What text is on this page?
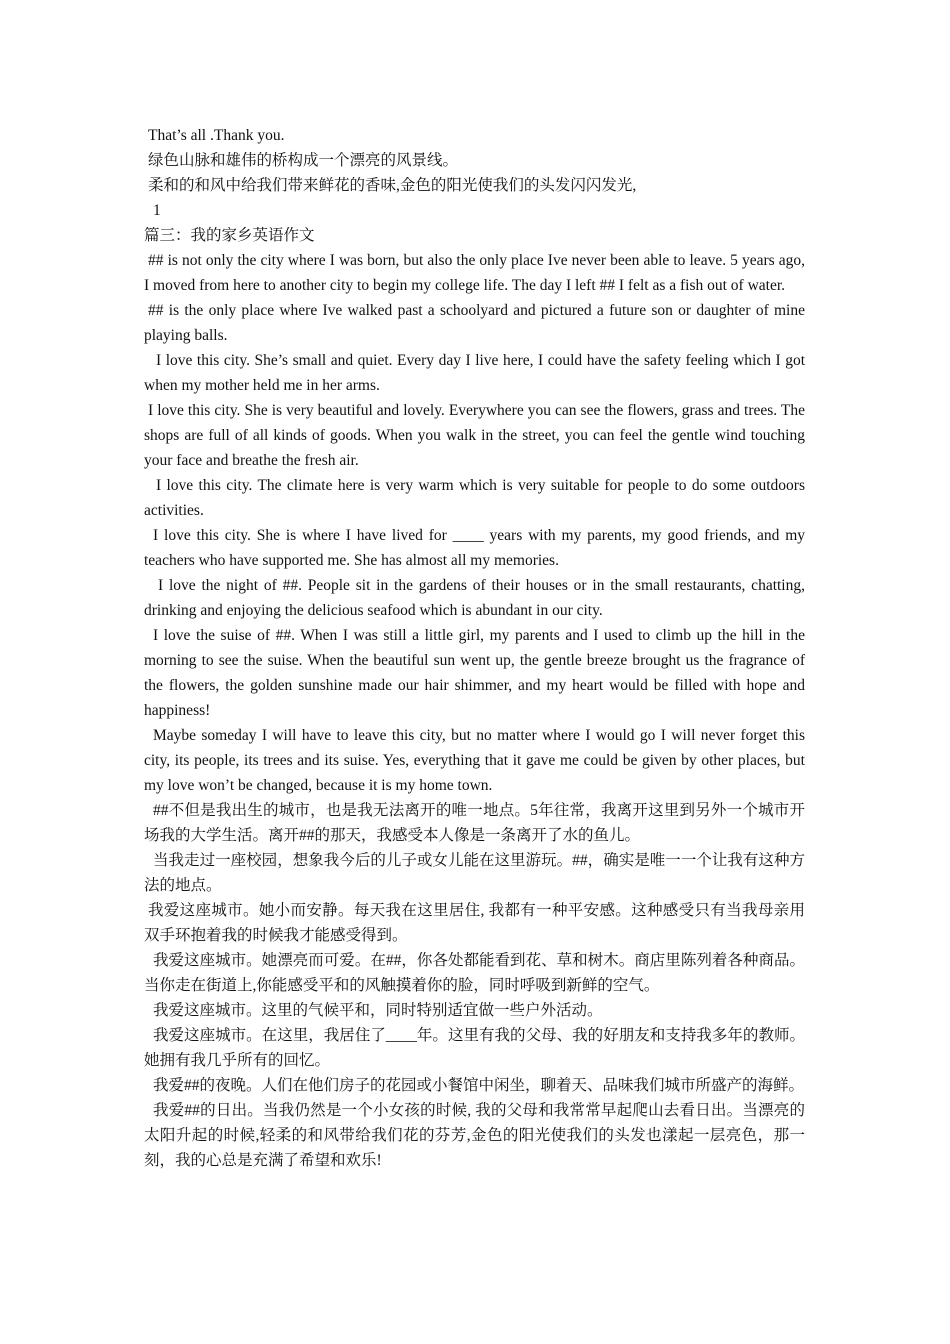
That’s all .Thank you.

绿色山脉和雄伟的桥构成一个漂亮的风景线。

柔和的和风中给我们带来鲜花的香味,金色的阳光使我们的头发闪闪发光,

1

篇三：我的家乡英语作文

## is not only the city where I was born, but also the only place Ive never been able to leave. 5 years ago, I moved from here to another city to begin my college life. The day I left ## I felt as a fish out of water.

## is the only place where Ive walked past a schoolyard and pictured a future son or daughter of mine playing balls.

I love this city. She’s small and quiet. Every day I live here, I could have the safety feeling which I got when my mother held me in her arms.

I love this city. She is very beautiful and lovely. Everywhere you can see the flowers, grass and trees. The shops are full of all kinds of goods. When you walk in the street, you can feel the gentle wind touching your face and breathe the fresh air.

I love this city. The climate here is very warm which is very suitable for people to do some outdoors activities.

I love this city. She is where I have lived for ____ years with my parents, my good friends, and my teachers who have supported me. She has almost all my memories.

I love the night of ##. People sit in the gardens of their houses or in the small restaurants, chatting, drinking and enjoying the delicious seafood which is abundant in our city.

I love the suise of ##. When I was still a little girl, my parents and I used to climb up the hill in the morning to see the suise. When the beautiful sun went up, the gentle breeze brought us the fragrance of the flowers, the golden sunshine made our hair shimmer, and my heart would be filled with hope and happiness!

Maybe someday I will have to leave this city, but no matter where I would go I will never forget this city, its people, its trees and its suise. Yes, everything that it gave me could be given by other places, but my love won’t be changed, because it is my home town.

##不但是我出生的城市，也是我无法离开的唯一地点。5年往常，我离开这里到另外一个城市开场我的大学生活。离开##的那天，我感受本人像是一条离开了水的鱼儿。

当我走过一座校园，想象我今后的儿子或女儿能在这里游玩。##，确实是唯一一个让我有这种方法的地点。

我爱这座城市。她小而安静。每天我在这里居住, 我都有一种平安感。这种感受只有当我母亲用双手环抱着我的时候我才能感受得到。

我爱这座城市。她漂亮而可爱。在##，你各处都能看到花、草和树木。商店里陈列着各种商品。当你走在街道上,你能感受平和的风触摸着你的脸，同时呼吸到新鲜的空气。

我爱这座城市。这里的气候平和，同时特别适宜做一些户外活动。

我爱这座城市。在这里，我居住了____年。这里有我的父母、我的好朋友和支持我多年的教师。她拥有我几乎所有的回忆。

我爱##的夜晚。人们在他们房子的花园或小餐馆中闲坐，聊着天、品味我们城市所盛产的海鲜。

我爱##的日出。当我仍然是一个小女孩的时候, 我的父母和我常常早起爬山去看日出。当漂亮的太阳升起的时候,轻柔的和风带给我们花的芬芳,金色的阳光使我们的头发也漾起一层亮色，那一刻，我的心总是充满了希望和欢乐!
